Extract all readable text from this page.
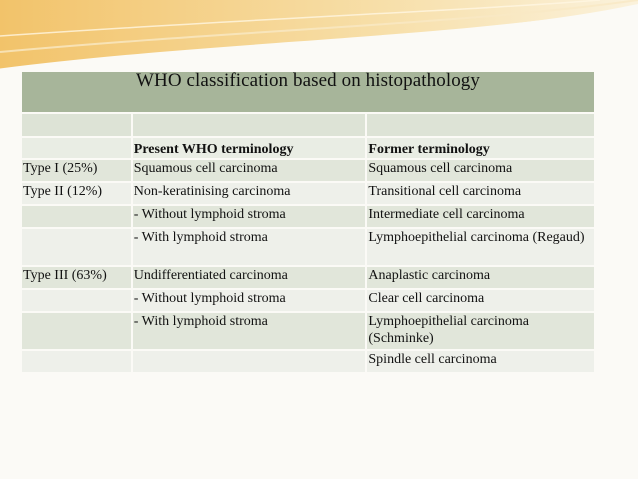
WHO classification based on histopathology		

	Present WHO terminology	Former terminology
Type I (25%)	Squamous cell carcinoma	Squamous cell carcinoma
Type II (12%)	Non-keratinising carcinoma	Transitional cell carcinoma
	- Without lymphoid stroma	Intermediate cell carcinoma
	- With lymphoid stroma	Lymphoepithelial carcinoma (Regaud)
Type III (63%)	Undifferentiated carcinoma	Anaplastic carcinoma
	- Without lymphoid stroma	Clear cell carcinoma
	- With lymphoid stroma	Lymphoepithelial carcinoma (Schminke)
		Spindle cell carcinoma
